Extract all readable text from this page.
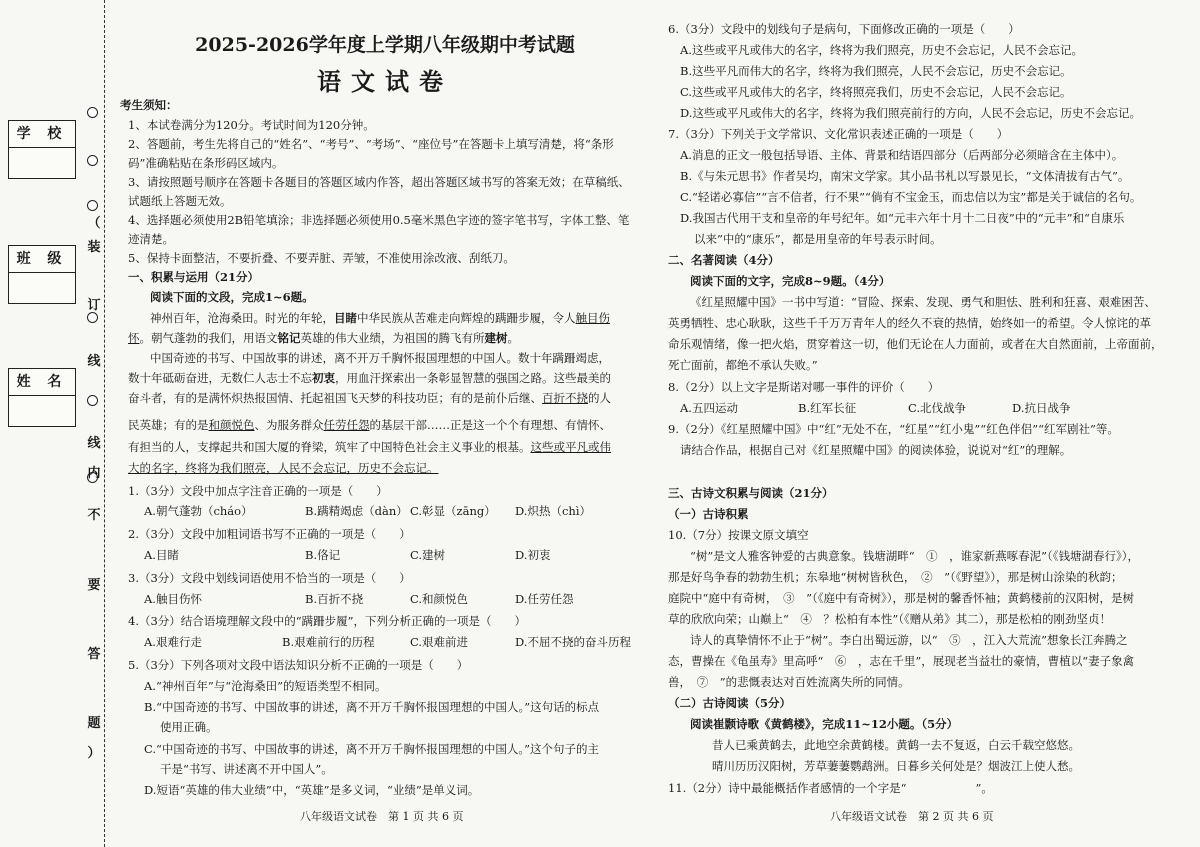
学 校
班 级
姓 名
（
装
订
线
线
内
不
要
答
题
）
2025-2026学年度上学期八年级期中考试题
语文试卷
考生须知：
1、本试卷满分为120分。考试时间为120分钟。
2、答题前，考生先将自己的“姓名”、“考号”、“考场”、“座位号”在答题卡上填写清楚，将“条形
码”准确粘贴在条形码区域内。
3、请按照题号顺序在答题卡各题目的答题区域内作答，超出答题区域书写的答案无效；在草稿纸、
试题纸上答题无效。
4、选择题必须使用2B铅笔填涂；非选择题必须使用0.5毫米黑色字迹的签字笔书写，字体工整、笔
迹清楚。
5、保持卡面整洁，不要折叠、不要弄脏、弄皱，不准使用涂改液、刮纸刀。
一、积累与运用（21分）
阅读下面的文段，完成1~6题。
神州百年，沧海桑田。时光的年轮，目睹中华民族从苦难走向辉煌的蹒跚步履，令人触目伤
怀。朝气蓬勃的我们，用语文铭记英雄的伟大业绩，为祖国的腾飞有所建树。
中国奇迹的书写、中国故事的讲述，离不开万千胸怀报国理想的中国人。数十年蹒跚竭虑，
数十年砥砺奋进，无数仁人志士不忘初衷，用血汗探索出一条彰显智慧的强国之路。这些最美的
奋斗者，有的是满怀炽热报国情、托起祖国飞天梦的科技功臣；有的是前仆后继、百折不挠的人
民英雄；有的是和颜悦色、为服务群众任劳任怨的基层干部……正是这一个个有理想、有情怀、
有担当的人，支撑起共和国大厦的脊梁，筑牢了中国特色社会主义事业的根基。这些或平凡或伟
大的名字，终将为我们照亮，人民不会忘记，历史不会忘记。
1.（3分）文段中加点字注音正确的一项是（　　）
A.朝气蓬勃（cháo）	B.蹒精竭虑（dàn） C.彰显（zāng） D.炽热（chì）
2.（3分）文段中加粗词语书写不正确的一项是（　　）
A.目睹	B.佫记	C.建树	D.初衷
3.（3分）文段中划线词语使用不恰当的一项是（　　）
A.触目伤怀	B.百折不挠	C.和颜悦色	D.任劳任怨
4.（3分）结合语境理解文段中的“蹒跚步履”，下列分析正确的一项是（　　）
A.艰难行走	B.艰难前行的历程	C.艰难前进	D.不屈不挠的奋斗历程
5.（3分）下列各项对文段中语法知识分析不正确的一项是（　　）
A.“神州百年”与“沧海桑田”的短语类型不相同。
B.“中国奇迹的书写、中国故事的讲述，离不开万千胸怀报国理想的中国人。”这句话的标点
使用正确。
C.“中国奇迹的书写、中国故事的讲述，离不开万千胸怀报国理想的中国人。”这个句子的主
干是“书写、讲述离不开中国人”。
D.短语“英雄的伟大业绩”中，“英雄”是多义词，“业绩”是单义词。
八年级语文试卷　第 1 页 共 6 页
6.（3分）文段中的划线句子是病句，下面修改正确的一项是（　　）
A.这些或平凡或伟大的名字，终将为我们照亮，历史不会忘记，人民不会忘记。
B.这些平凡而伟大的名字，终将为我们照亮，人民不会忘记，历史不会忘记。
C.这些或平凡或伟大的名字，终将照亮我们，历史不会忘记，人民不会忘记。
D.这些或平凡或伟大的名字，终将为我们照亮前行的方向，人民不会忘记，历史不会忘记。
7.（3分）下列关于文学常识、文化常识表述正确的一项是（　　）
A.消息的正文一般包括导语、主体、背景和结语四部分（后两部分必须暗含在主体中）。
B.《与朱元思书》作者吴均，南宋文学家。其小品书札以写景见长，“文体清拔有古气”。
C.“轻诺必寡信”“言不信者，行不果”“倘有不宝金玉，而忠信以为宝”都是关于诚信的名句。
D.我国古代用干支和皇帝的年号纪年。如“元丰六年十月十二日夜”中的“元丰”和“自康乐
以来”中的“康乐”，都是用皇帝的年号表示时间。
二、名著阅读（4分）
阅读下面的文字，完成8~9题。（4分）
《红星照耀中国》一书中写道：“冒险、探索、发现、勇气和胆怯、胜利和狂喜、艰难困苦、
英勇牺牲、忠心耿耿，这些千千万万青年人的经久不衰的热情，始终如一的希望。令人惊诧的革
命乐观情绪，像一把火焰，贯穿着这一切，他们无论在人力面前，或者在大自然面前，上帝面前，
死亡面前，都绝不承认失败。”
8.（2分）以上文字是斯诺对哪一事件的评价（　　）
A.五四运动	B.红军长征	C.北伐战争	D.抗日战争
9.（2分）《红星照耀中国》中“红”无处不在，“红星”“红小鬼”“红色伴侣”“红军剧社”等。
请结合作品，根据自己对《红星照耀中国》的阅读体验，说说对“红”的理解。
三、古诗文积累与阅读（21分）
（一）古诗积累
10.（7分）按课文原文填空
“树”是文人雅客钟爱的古典意象。钱塘湖畔“　①　，谁家新燕啄春泥”（《钱塘湖春行》），
那是好鸟争春的勃勃生机；东皋地“树树皆秋色，　②　”（《野望》），那是树山涂染的秋韵；
庭院中“庭中有奇树，　③　”（《庭中有奇树》），那是树的馨香怀袖；黄鹤楼前的汉阳树，是树
草的欣欣向荣；山巅上“　④　？松柏有本性”（《赠从弟》其二），那是松柏的刚劲坚贞！
诗人的真挚情怀不止于“树”。李白出蜀远游，以“　⑤　，江入大荒流”想象长江奔腾之
态，曹操在《龟虽寿》里高呼“　⑥　，志在千里”，展现老当益壮的豪情，曹植以“妻子象禽
兽，　⑦　”的悲慨表达对百姓流离失所的同情。
（二）古诗阅读（5分）
阅读崔颢诗歌《黄鹤楼》，完成11~12小题。（5分）
昔人已乘黄鹤去，此地空余黄鹤楼。黄鹤一去不复返，白云千载空悠悠。
晴川历历汉阳树，芳草萋萋鹦鹉洲。日暮乡关何处是？烟波江上使人愁。
11.（2分）诗中最能概括作者感情的一个字是“　　　　　　”。
八年级语文试卷　第 2 页 共 6 页
